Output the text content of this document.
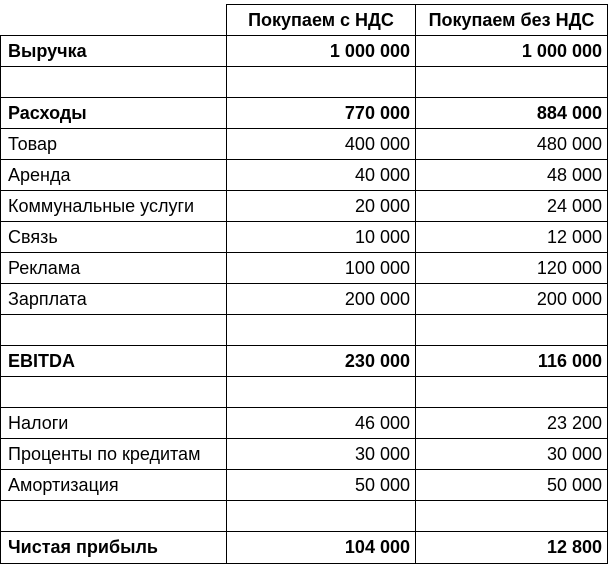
	Покупаем с НДС	Покупаем без НДС
Выручка	1 000 000	1 000 000

Расходы	770 000	884 000
Товар	400 000	480 000
Аренда	40 000	48 000
Коммунальные услуги	20 000	24 000
Связь	10 000	12 000
Реклама	100 000	120 000
Зарплата	200 000	200 000

EBITDA	230 000	116 000

Налоги	46 000	23 200
Проценты по кредитам	30 000	30 000
Амортизация	50 000	50 000

Чистая прибыль	104 000	12 800
